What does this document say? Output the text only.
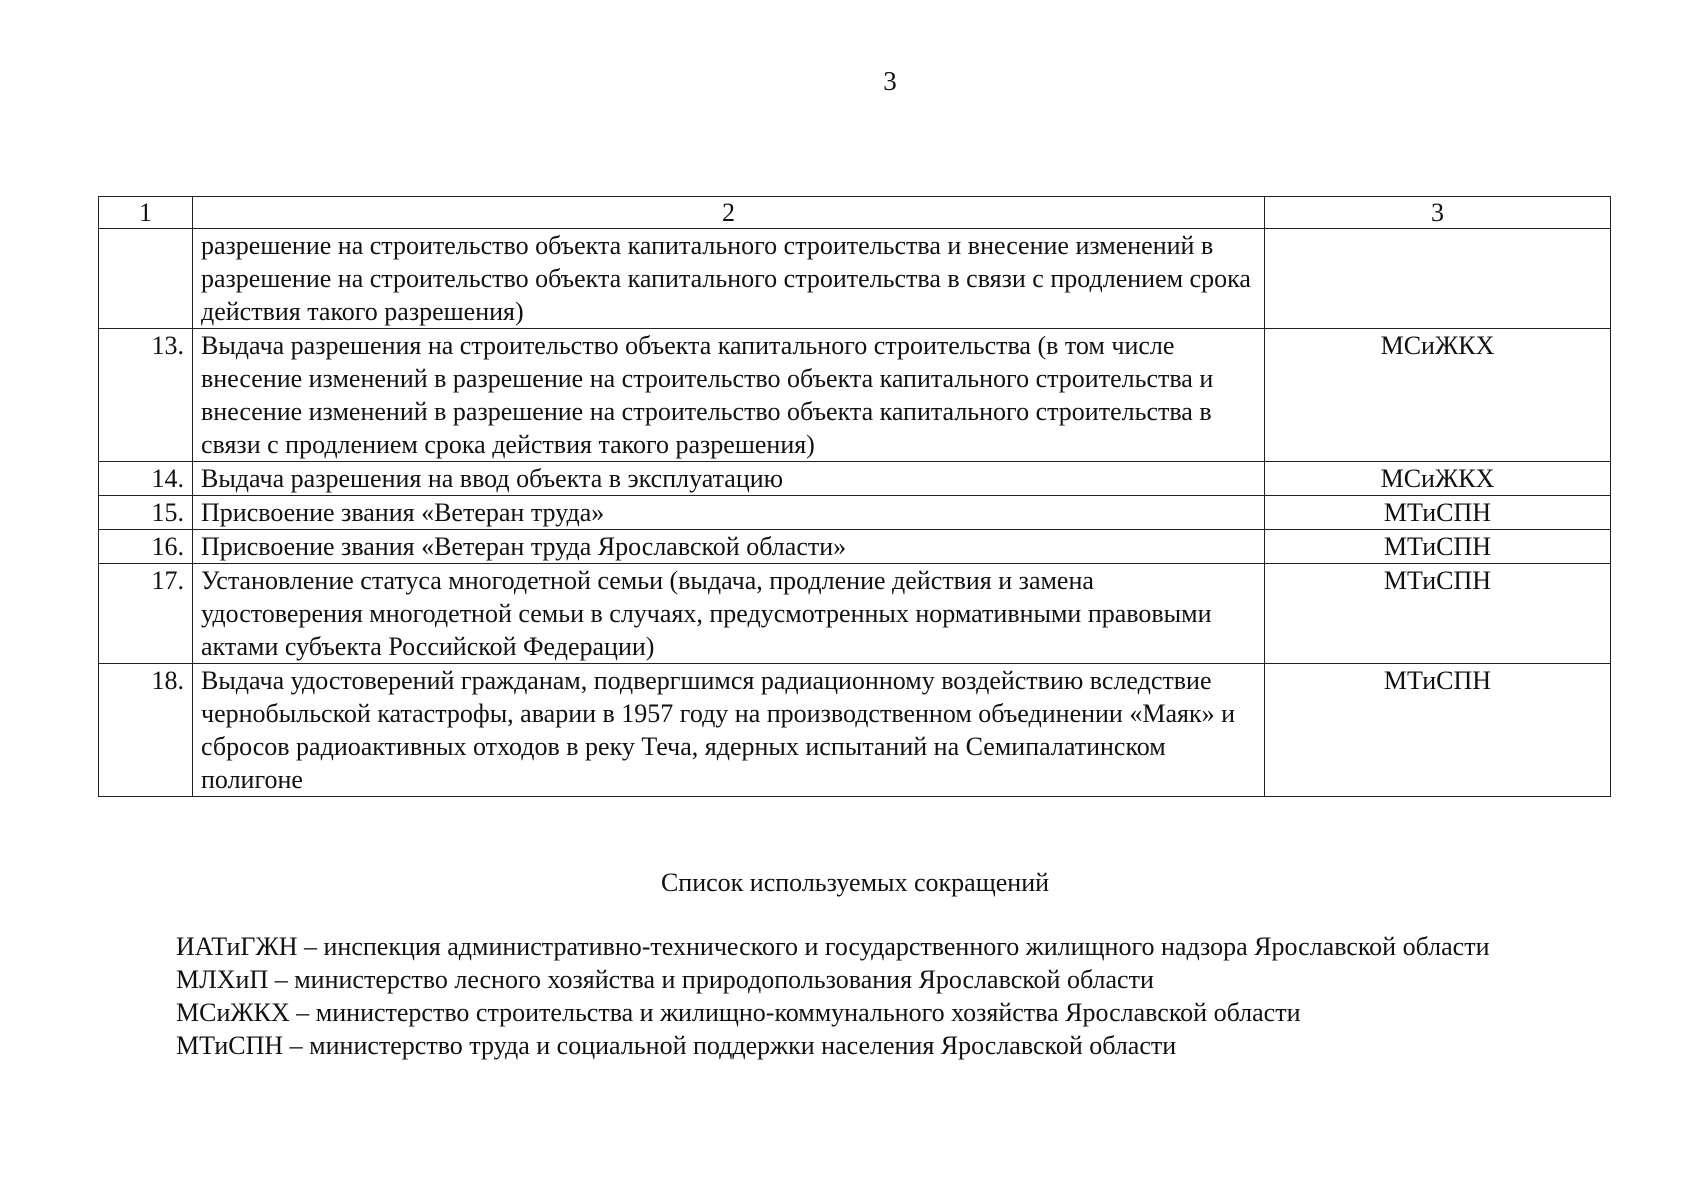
3
1	2	3
	разрешение на строительство объекта капитального строительства и внесение изменений в разрешение на строительство объекта капитального строительства в связи с продлением срока действия такого разрешения)	
13.	Выдача разрешения на строительство объекта капитального строительства (в том числе внесение изменений в разрешение на строительство объекта капитального строительства и внесение изменений в разрешение на строительство объекта капитального строительства в связи с продлением срока действия такого разрешения)	МСиЖКХ
14.	Выдача разрешения на ввод объекта в эксплуатацию	МСиЖКХ
15.	Присвоение звания «Ветеран труда»	МТиСПН
16.	Присвоение звания «Ветеран труда Ярославской области»	МТиСПН
17.	Установление статуса многодетной семьи (выдача, продление действия и замена удостоверения многодетной семьи в случаях, предусмотренных нормативными правовыми актами субъекта Российской Федерации)	МТиСПН
18.	Выдача удостоверений гражданам, подвергшимся радиационному воздействию вследствие чернобыльской катастрофы, аварии в 1957 году на производственном объединении «Маяк» и сбросов радиоактивных отходов в реку Теча, ядерных испытаний на Семипалатинском полигоне	МТиСПН
Список используемых сокращений

ИАТиГЖН – инспекция административно-технического и государственного жилищного надзора Ярославской области

МЛХиП – министерство лесного хозяйства и природопользования Ярославской области

МСиЖКХ – министерство строительства и жилищно-коммунального хозяйства Ярославской области

МТиСПН – министерство труда и социальной поддержки населения Ярославской области
